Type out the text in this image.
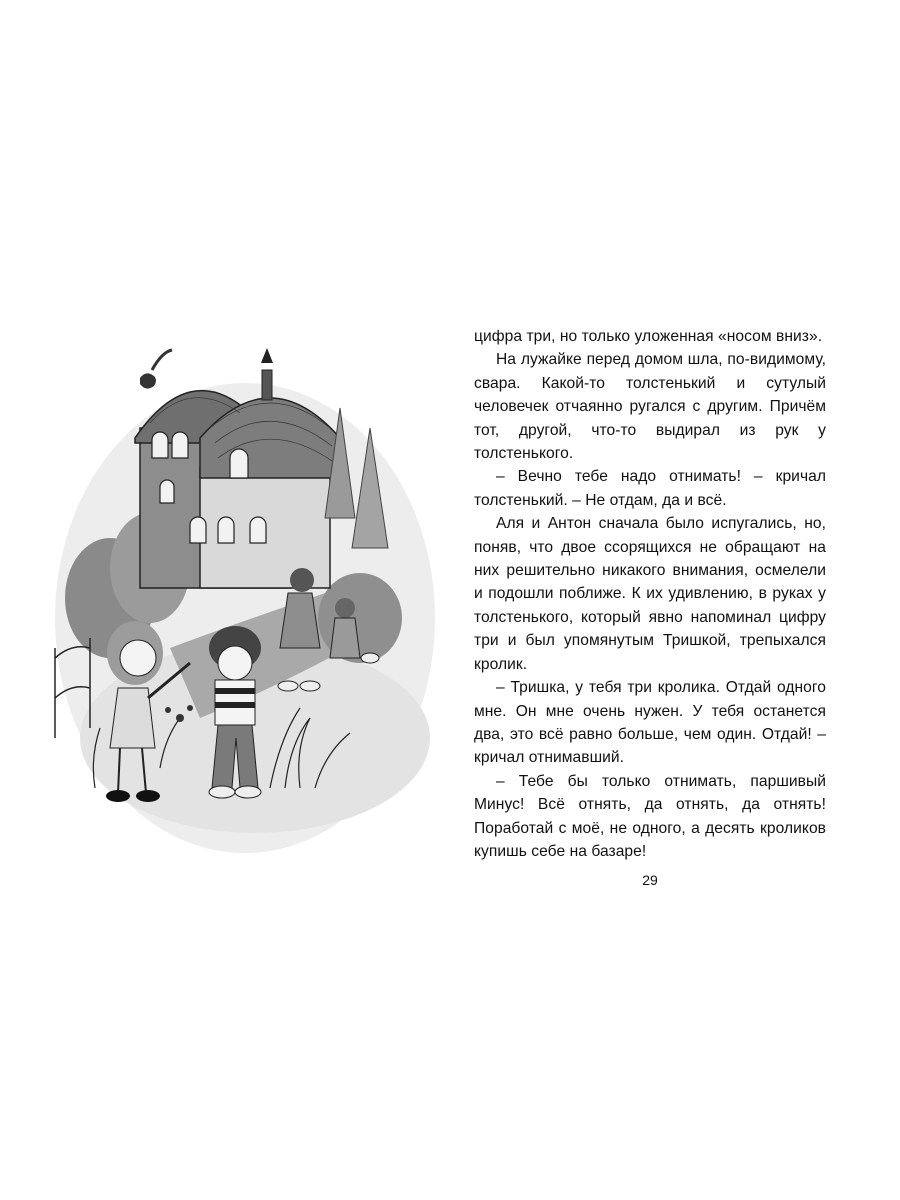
цифра три, но только уложенная «носом вниз».

На лужайке перед домом шла, по-видимому, свара. Какой-то толстенький и сутулый человечек отчаянно ругался с другим. Причём тот, другой, что-то выдирал из рук у толстенького.

– Вечно тебе надо отнимать! – кричал толстенький. – Не отдам, да и всё.

Аля и Антон сначала было испугались, но, поняв, что двое ссорящихся не обращают на них решительно никакого внимания, осмелели и подошли поближе. К их удивлению, в руках у толстенького, который явно напоминал цифру три и был упомянутым Тришкой, трепыхался кролик.

– Тришка, у тебя три кролика. Отдай одного мне. Он мне очень нужен. У тебя останется два, это всё равно больше, чем один. Отдай! – кричал отнимавший.

– Тебе бы только отнимать, паршивый Минус! Всё отнять, да отнять, да отнять! Поработай с моё, не одного, а десять кроликов купишь себе на базаре!

29
